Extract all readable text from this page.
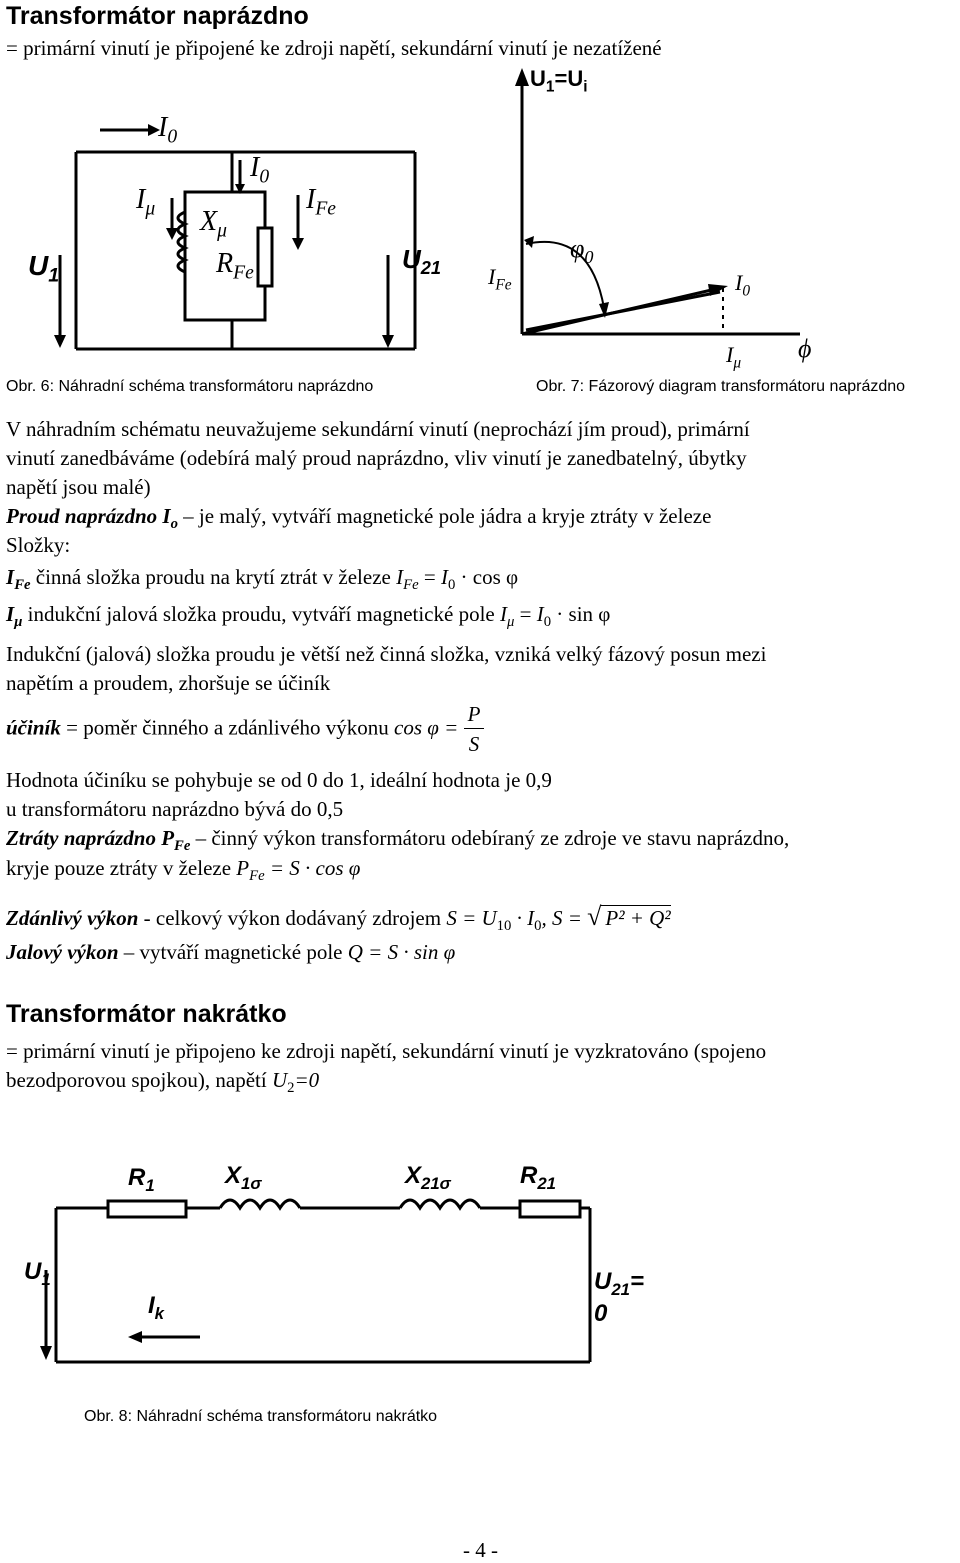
Transformátor naprázdno
= primární vinutí je připojené ke zdroji napětí, sekundární vinutí je nezatížené
$I_0$
$I_0$
$I_\mu$	$I_{Fe}$
$X_\mu$
$R_{Fe}$
$U_1$
$U_{21}$
Obr. 6: Náhradní schéma transformátoru naprázdno
$U_1=U_i$
$\varphi_0$
$I_{Fe}$	$I_0$
$I_\mu$ ϕ
Obr. 7: Fázorový diagram transformátoru naprázdno
V náhradním schématu neuvažujeme sekundární vinutí (neprochází jím proud), primární
vinutí zanedbáváme (odebírá malý proud naprázdno, vliv vinutí je zanedbatelný, úbytky
napětí jsou malé)
Proud naprázdno $I_o$ – je malý, vytváří magnetické pole jádra a kryje ztráty v železe
Složky:
$I_{Fe}$ činná složka proudu na krytí ztrát v železe $I_{Fe} = I_0 \cdot \cos \varphi$
$I_\mu$ indukční jalová složka proudu, vytváří magnetické pole $I_\mu = I_0 \cdot \sin \varphi$
Indukční (jalová) složka proudu je větší než činná složka, vzniká velký fázový posun mezi
napětím a proudem, zhoršuje se účiník
účiník = poměr činného a zdánlivého výkonu $\cos \varphi = \frac{P}{S}$
Hodnota účiníku se pohybuje se od 0 do 1, ideální hodnota je 0,9
u transformátoru naprázdno bývá do 0,5
Ztráty naprázdno $P_{Fe}$ – činný výkon transformátoru odebíraný ze zdroje ve stavu naprázdno,
kryje pouze ztráty v železe $P_{Fe} = S \cdot \cos \varphi$
Zdánlivý výkon - celkový výkon dodávaný zdrojem $S = U_{10} \cdot I_0$, S = √ P² + Q²
Jalový výkon – vytváří magnetické pole Q = S · sin φ
Transformátor nakrátko
= primární vinutí je připojeno ke zdroji napětí, sekundární vinutí je vyzkratováno (spojeno
bezodporovou spojkou), napětí $U_2=0$
$R_1$	$X_{1\sigma}$	$X_{21\sigma}$	$R_{21}$
$U_1$
$I_k$
$U_{21}= 0$
Obr. 8: Náhradní schéma transformátoru nakrátko
- 4 -
